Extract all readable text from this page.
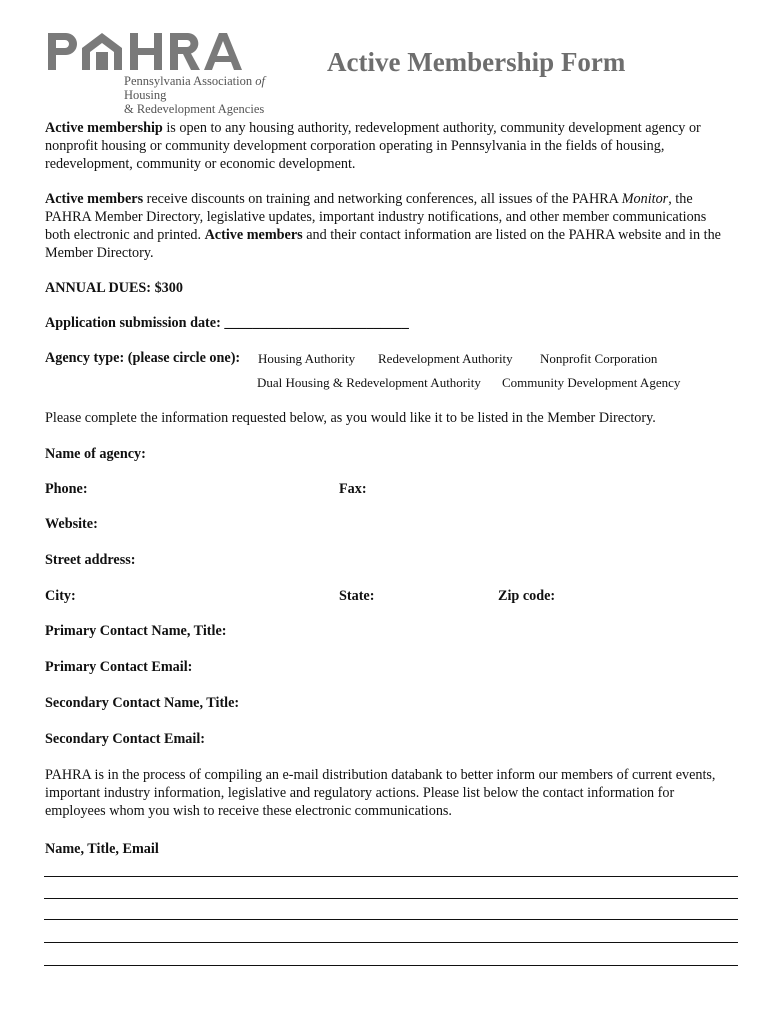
Pennsylvania Association of Housing
& Redevelopment Agencies
Active Membership Form

Active membership is open to any housing authority, redevelopment authority, community development agency or nonprofit housing or community development corporation operating in Pennsylvania in the fields of housing, redevelopment, community or economic development.

Active members receive discounts on training and networking conferences, all issues of the PAHRA Monitor, the PAHRA Member Directory, legislative updates, important industry notifications, and other member communications both electronic and printed. Active members and their contact information are listed on the PAHRA website and in the Member Directory.

ANNUAL DUES: $300
Application submission date: __________________________
Agency type: (please circle one): Housing Authority Redevelopment Authority Nonprofit Corporation
Dual Housing & Redevelopment Authority Community Development Agency

Please complete the information requested below, as you would like it to be listed in the Member Directory.

Name of agency:
Phone:	Fax:
Website:
Street address:
City:	State:	Zip code:
Primary Contact Name, Title:
Primary Contact Email:
Secondary Contact Name, Title:
Secondary Contact Email:

PAHRA is in the process of compiling an e-mail distribution databank to better inform our members of current events, important industry information, legislative and regulatory actions. Please list below the contact information for employees whom you wish to receive these electronic communications.

Name, Title, Email
